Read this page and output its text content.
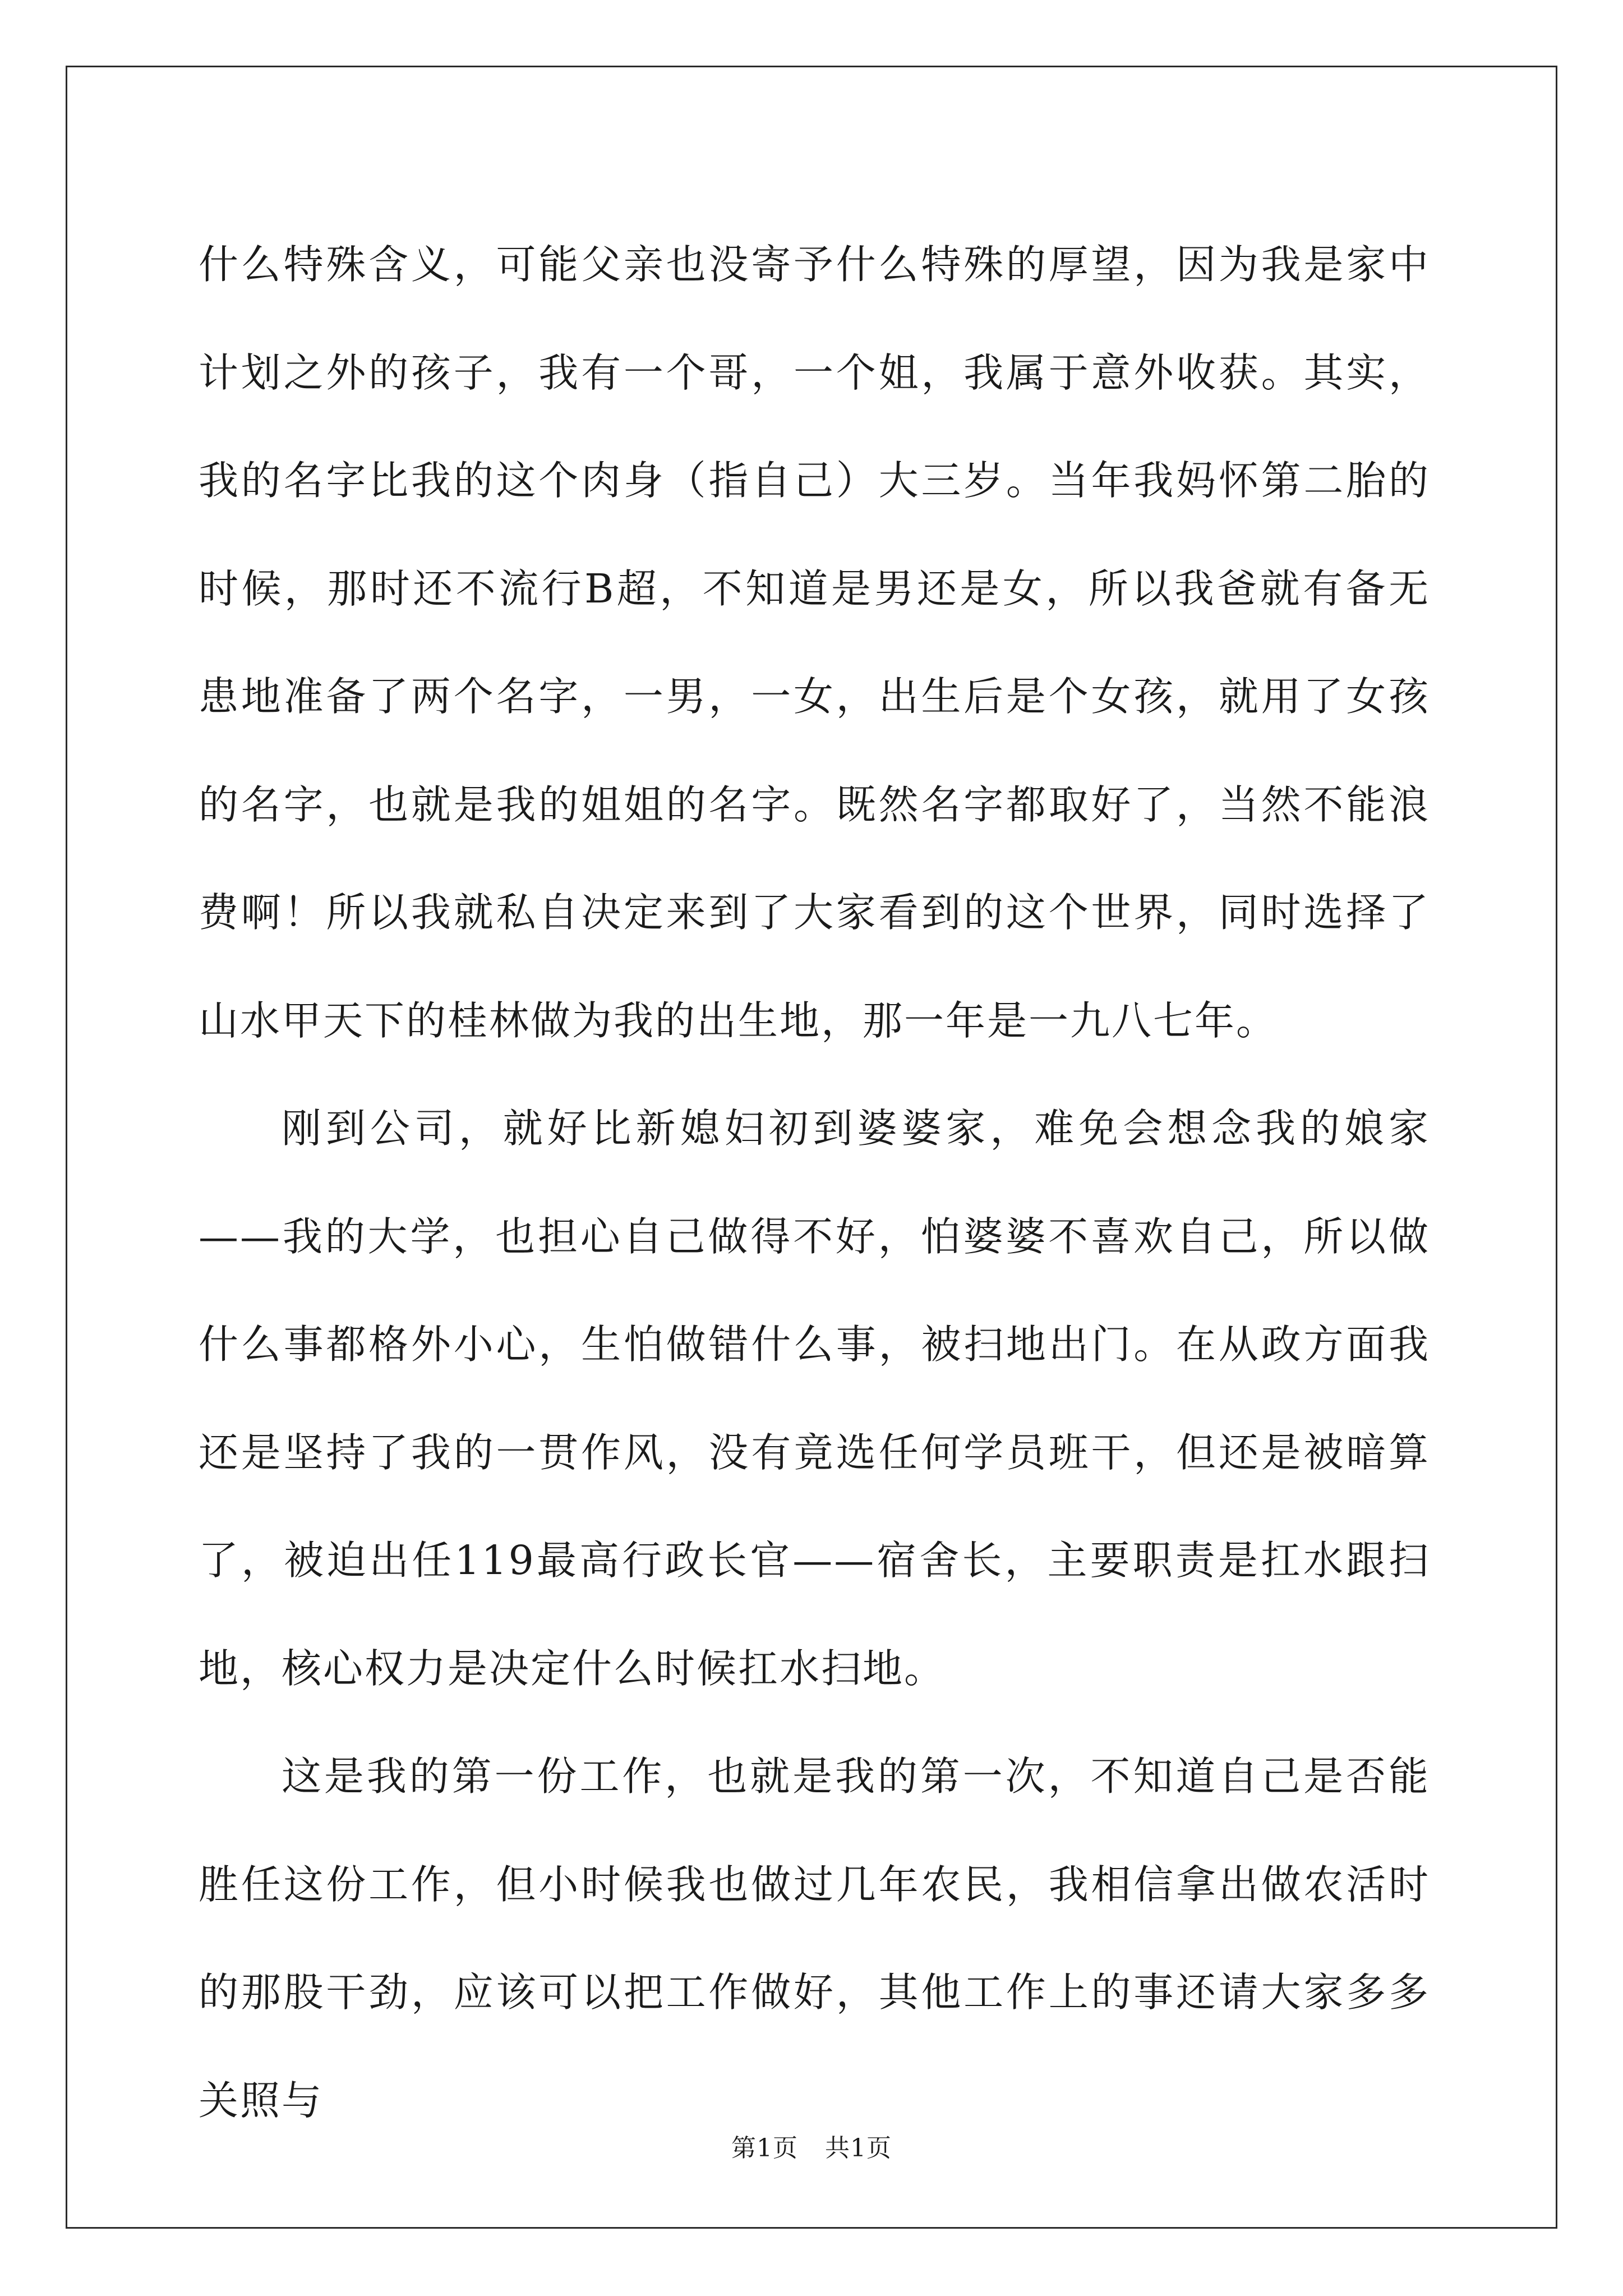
什么特殊含义，可能父亲也没寄予什么特殊的厚望，因为我是家中计划之外的孩子，我有一个哥，一个姐，我属于意外收获。其实，我的名字比我的这个肉身（指自己）大三岁。当年我妈怀第二胎的时候，那时还不流行B超，不知道是男还是女，所以我爸就有备无患地准备了两个名字，一男，一女，出生后是个女孩，就用了女孩的名字，也就是我的姐姐的名字。既然名字都取好了，当然不能浪费啊！所以我就私自决定来到了大家看到的这个世界，同时选择了山水甲天下的桂林做为我的出生地，那一年是一九八七年。

刚到公司，就好比新媳妇初到婆婆家，难免会想念我的娘家——我的大学，也担心自己做得不好，怕婆婆不喜欢自己，所以做什么事都格外小心，生怕做错什么事，被扫地出门。在从政方面我还是坚持了我的一贯作风，没有竟选任何学员班干，但还是被暗算了，被迫出任119最高行政长官——宿舍长，主要职责是扛水跟扫地，核心权力是决定什么时候扛水扫地。

这是我的第一份工作，也就是我的第一次，不知道自己是否能胜任这份工作，但小时候我也做过几年农民，我相信拿出做农活时的那股干劲，应该可以把工作做好，其他工作上的事还请大家多多关照与

第1页 共1页
